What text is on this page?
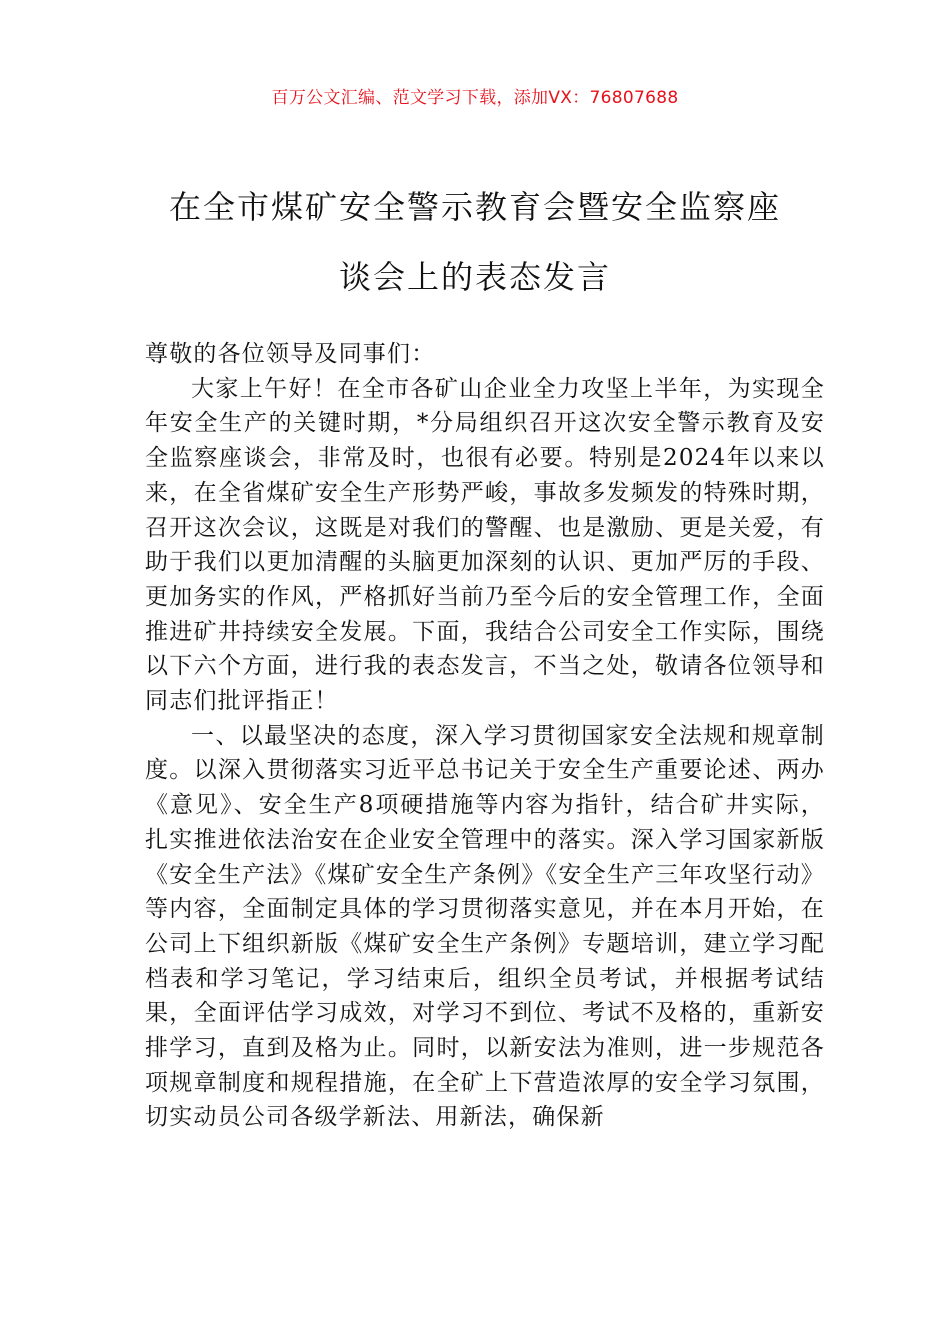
百万公文汇编、范文学习下载，添加VX：76807688
在全市煤矿安全警示教育会暨安全监察座
谈会上的表态发言

尊敬的各位领导及同事们：

大家上午好！在全市各矿山企业全力攻坚上半年，为实现全年安全生产的关键时期，*分局组织召开这次安全警示教育及安全监察座谈会，非常及时，也很有必要。特别是2024年以来以来，在全省煤矿安全生产形势严峻，事故多发频发的特殊时期，召开这次会议，这既是对我们的警醒、也是激励、更是关爱，有助于我们以更加清醒的头脑更加深刻的认识、更加严厉的手段、更加务实的作风，严格抓好当前乃至今后的安全管理工作，全面推进矿井持续安全发展。下面，我结合公司安全工作实际，围绕以下六个方面，进行我的表态发言，不当之处，敬请各位领导和同志们批评指正！

一、以最坚决的态度，深入学习贯彻国家安全法规和规章制度。以深入贯彻落实习近平总书记关于安全生产重要论述、两办《意见》、安全生产8项硬措施等内容为指针，结合矿井实际，扎实推进依法治安在企业安全管理中的落实。深入学习国家新版《安全生产法》《煤矿安全生产条例》《安全生产三年攻坚行动》等内容，全面制定具体的学习贯彻落实意见，并在本月开始，在公司上下组织新版《煤矿安全生产条例》专题培训，建立学习配档表和学习笔记，学习结束后，组织全员考试，并根据考试结果，全面评估学习成效，对学习不到位、考试不及格的，重新安排学习，直到及格为止。同时，以新安法为准则，进一步规范各项规章制度和规程措施，在全矿上下营造浓厚的安全学习氛围，切实动员公司各级学新法、用新法，确保新
